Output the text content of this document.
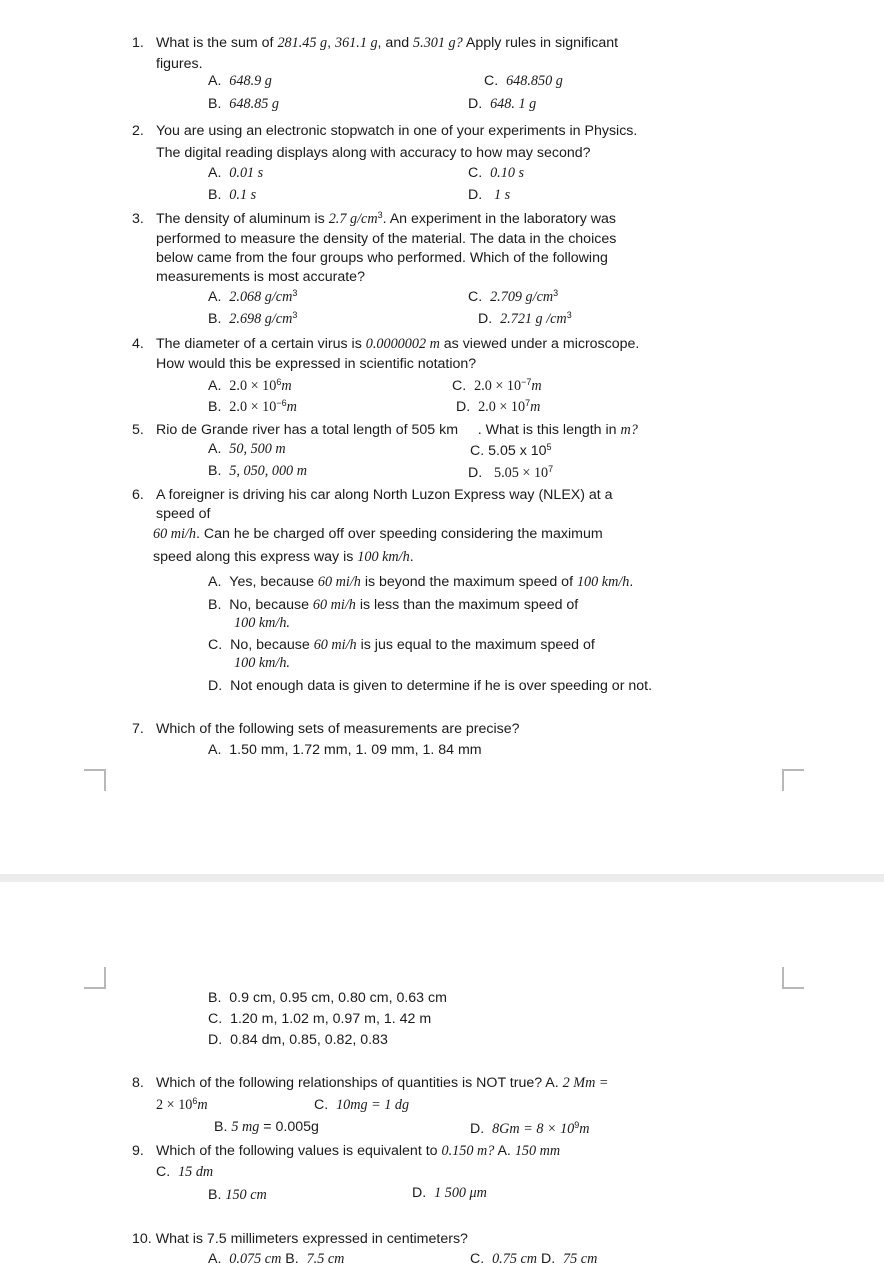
1. What is the sum of 281.45 g, 361.1 g, and 5.301 g? Apply rules in significant
figures.
A. 648.9 g	C. 648.850 g
B. 648.85 g	D. 648. 1 g
2. You are using an electronic stopwatch in one of your experiments in Physics.
The digital reading displays along with accuracy to how may second?
A. 0.01 s	C. 0.10 s
B. 0.1 s	D. 1 s
3. The density of aluminum is 2.7 $g/cm^3$. An experiment in the laboratory was
performed to measure the density of the material. The data in the choices
below came from the four groups who performed. Which of the following
measurements is most accurate?
A. 2.068 $g/cm^3$	C. 2.709 $g/cm^3$
B. 2.698 $g/cm^3$	D. 2.721 g $/cm^3$
4. The diameter of a certain virus is 0.0000002 m as viewed under a microscope.
How would this be expressed in scientific notation?
A. $2.0 \times 10^6m$	C. $2.0 \times 10^{-7}m$
B. $2.0 \times 10^{-6}m$	D. $2.0 \times 10^7m$
5. Rio de Grande river has a total length of 505 km . What is this length in m?
A. 50, 500 m	C. 5.05 x $10^5$
B. 5, 050, 000 m	D. $5.05 \times 10^7$
6. A foreigner is driving his car along North Luzon Express way (NLEX) at a
speed of
60 mi/h. Can he be charged off over speeding considering the maximum
speed along this express way is 100 km/h.
A. Yes, because 60 mi/h is beyond the maximum speed of 100 km/h.
B. No, because 60 mi/h is less than the maximum speed of
100 km/h.
C. No, because 60 mi/h is jus equal to the maximum speed of
100 km/h.
D. Not enough data is given to determine if he is over speeding or not.
7. Which of the following sets of measurements are precise?
A. 1.50 mm, 1.72 mm, 1. 09 mm, 1. 84 mm
B. 0.9 cm, 0.95 cm, 0.80 cm, 0.63 cm
C. 1.20 m, 1.02 m, 0.97 m, 1. 42 m
D. 0.84 dm, 0.85, 0.82, 0.83
8. Which of the following relationships of quantities is NOT true? A. 2 Mm =
$2 \times 10^6m$	C. 10mg = 1 dg
B. 5 mg = 0.005g	D. $8Gm = 8 \times 10^9m$
9. Which of the following values is equivalent to 0.150 m? A. 150 mm
C. 15 dm
B. 150 cm	D. 1 500 μm
10. What is 7.5 millimeters expressed in centimeters?
A. 0.075 cm B. 7.5 cm	C. 0.75 cm D. 75 cm
